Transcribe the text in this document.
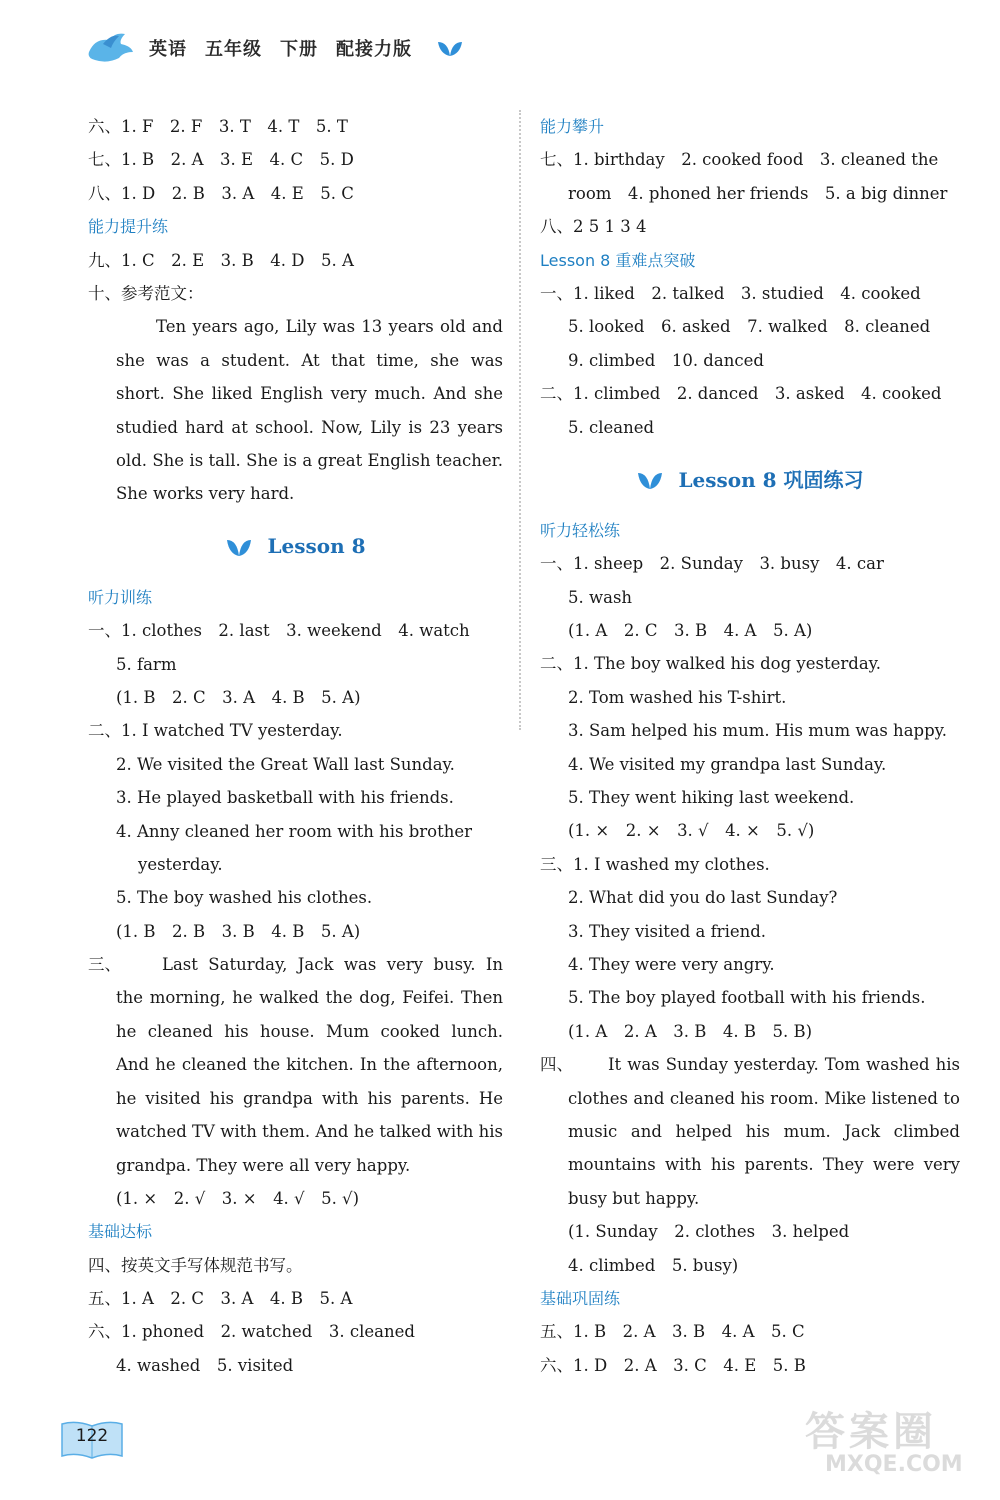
英语 五年级 下册 配接力版
六、1. F　2. F　3. T　4. T　5. T
七、1. B　2. A　3. E　4. C　5. D
八、1. D　2. B　3. A　4. E　5. C
能力提升练
九、1. C　2. E　3. B　4. D　5. A
十、参考范文：

Ten years ago, Lily was 13 years old and she was a student. At that time, she was short. She liked English very much. And she studied hard at school. Now, Lily is 23 years old. She is tall. She is a great English teacher. She works very hard.

Lesson 8
听力训练
一、1. clothes　2. last　3. weekend　4. watch
5. farm
(1. B　2. C　3. A　4. B　5. A)
二、1. I watched TV yesterday.
2. We visited the Great Wall last Sunday.
3. He played basketball with his friends.
4. Anny cleaned her room with his brother
yesterday.
5. The boy washed his clothes.
(1. B　2. B　3. B　4. B　5. A)
三、	Last Saturday, Jack was very busy. In the morning, he walked the dog, Feifei. Then he cleaned his house. Mum cooked lunch. And he cleaned the kitchen. In the afternoon, he visited his grandpa with his parents. He watched TV with them. And he talked with his grandpa. They were all very happy.

(1. ×　2. √　3. ×　4. √　5. √)
基础达标
四、按英文手写体规范书写。
五、1. A　2. C　3. A　4. B　5. A
六、1. phoned　2. watched　3. cleaned
4. washed　5. visited
能力攀升
七、1. birthday　2. cooked food　3. cleaned the
room　4. phoned her friends　5. a big dinner
八、2 5 1 3 4
Lesson 8 重难点突破
一、1. liked　2. talked　3. studied　4. cooked
5. looked　6. asked　7. walked　8. cleaned
9. climbed　10. danced
二、1. climbed　2. danced　3. asked　4. cooked
5. cleaned
Lesson 8 巩固练习
听力轻松练
一、1. sheep　2. Sunday　3. busy　4. car
5. wash
(1. A　2. C　3. B　4. A　5. A)
二、1. The boy walked his dog yesterday.
2. Tom washed his T-shirt.
3. Sam helped his mum. His mum was happy.
4. We visited my grandpa last Sunday.
5. They went hiking last weekend.
(1. ×　2. ×　3. √　4. ×　5. √)
三、1. I washed my clothes.
2. What did you do last Sunday?
3. They visited a friend.
4. They were very angry.
5. The boy played football with his friends.
(1. A　2. A　3. B　4. B　5. B)
四、	It was Sunday yesterday. Tom washed his clothes and cleaned his room. Mike listened to music and helped his mum. Jack climbed mountains with his parents. They were very busy but happy.

(1. Sunday　2. clothes　3. helped
4. climbed　5. busy)
基础巩固练
五、1. B　2. A　3. B　4. A　5. C
六、1. D　2. A　3. C　4. E　5. B
122	答案圈
MXQE.COM
